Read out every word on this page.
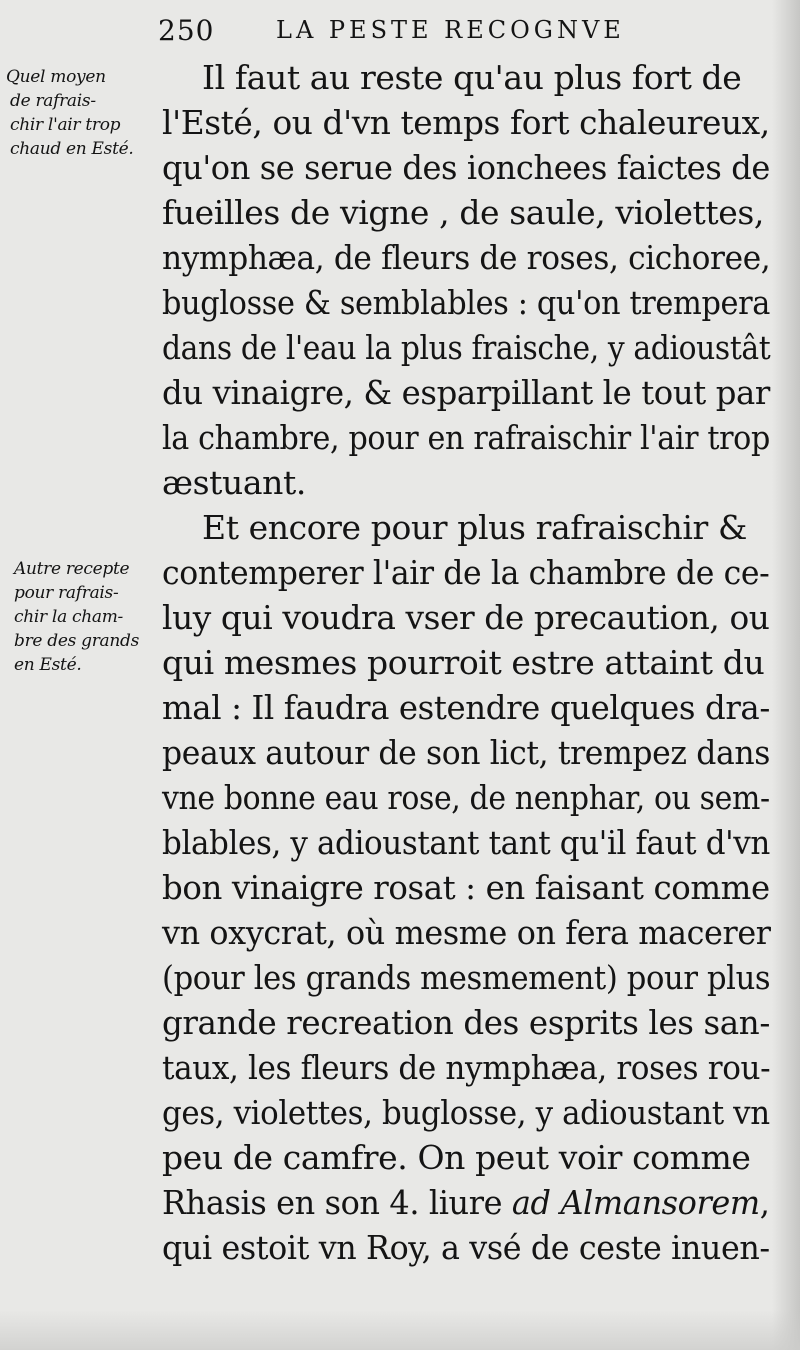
250	LA PESTE RECOGNVE
Quel moyen
de rafrais-
chir l'air trop
chaud en Esté.
Autre recepte
pour rafrais-
chir la cham-
bre des grands
en Esté.
Il faut au reste qu'au plus fort de
l'Esté, ou d'vn temps fort chaleureux,
qu'on se serue des ionchees faictes de
fueilles de vigne , de saule, violettes,
nymphæa, de fleurs de roses, cichoree,
buglosse & semblables : qu'on trempera
dans de l'eau la plus fraische, y adioustât
du vinaigre, & esparpillant le tout par
la chambre, pour en rafraischir l'air trop
æstuant.
Et encore pour plus rafraischir &
contemperer l'air de la chambre de ce-
luy qui voudra vser de precaution, ou
qui mesmes pourroit estre attaint du
mal : Il faudra estendre quelques dra-
peaux autour de son lict, trempez dans
vne bonne eau rose, de nenphar, ou sem-
blables, y adioustant tant qu'il faut d'vn
bon vinaigre rosat : en faisant comme
vn oxycrat, où mesme on fera macerer
(pour les grands mesmement) pour plus
grande recreation des esprits les san-
taux, les fleurs de nymphæa, roses rou-
ges, violettes, buglosse, y adioustant vn
peu de camfre. On peut voir comme
Rhasis en son 4. liure ad Almansorem,
qui estoit vn Roy, a vsé de ceste inuen-
